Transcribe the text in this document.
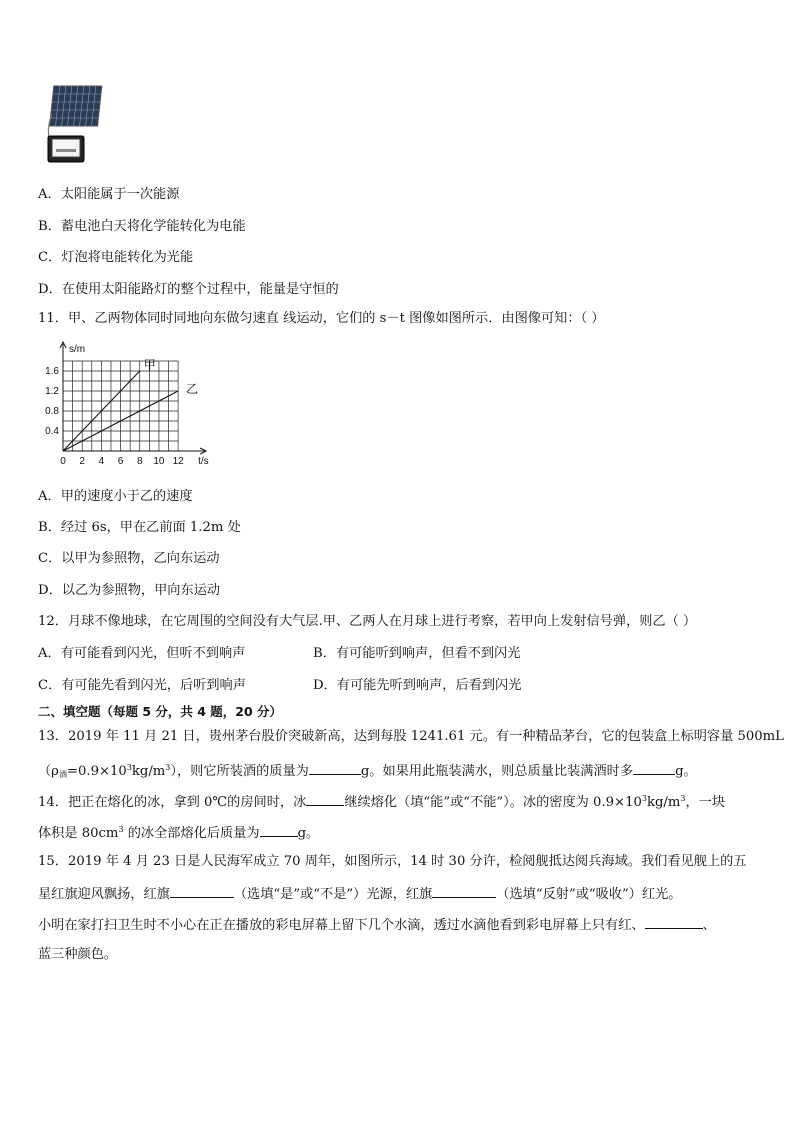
A．太阳能属于一次能源
B．蓄电池白天将化学能转化为电能
C．灯泡将电能转化为光能
D．在使用太阳能路灯的整个过程中，能量是守恒的
11．甲、乙两物体同时同地向东做匀速直 线运动，它们的 s－t 图像如图所示．由图像可知：（ ）
0 2 4 6 8 10 12
0.4
0.8
1.2
1.6
s/m
t/s
甲
乙
A．甲的速度小于乙的速度
B．经过 6s，甲在乙前面 1.2m 处
C．以甲为参照物，乙向东运动
D．以乙为参照物，甲向东运动
12．月球不像地球，在它周围的空间没有大气层.甲、乙两人在月球上进行考察，若甲向上发射信号弹，则乙（ ）
A．有可能看到闪光，但听不到响声	B．有可能听到响声，但看不到闪光
C．有可能先看到闪光，后听到响声	D．有可能先听到响声，后看到闪光
二、填空题（每题 5 分，共 4 题，20 分）
13．2019 年 11 月 21 日，贵州茅台股价突破新高，达到每股 1241.61 元。有一种精品茅台，它的包装盒上标明容量 500mL
$(\rho_酒=0.9\times 10^3kg/m^3)$，则它所装酒的质量为	g。如果用此瓶装满水，则总质量比装满酒时多	g。
14．把正在熔化的冰，拿到 0℃的房间时，冰	继续熔化（填“能”或“不能”）。冰的密度为 $0.9\times 10^3kg/m^3$，一块
体积是 $80cm^3$ 的冰全部熔化后质量为	g。
15．2019 年 4 月 23 日是人民海军成立 70 周年，如图所示，14 时 30 分许，检阅舰抵达阅兵海域。我们看见舰上的五
星红旗迎风飘扬，红旗	（选填“是”或“不是”）光源，红旗	（选填“反射”或“吸收”）红光。
小明在家打扫卫生时不小心在正在播放的彩电屏幕上留下几个水滴，透过水滴他看到彩电屏幕上只有红、	、
蓝三种颜色。
